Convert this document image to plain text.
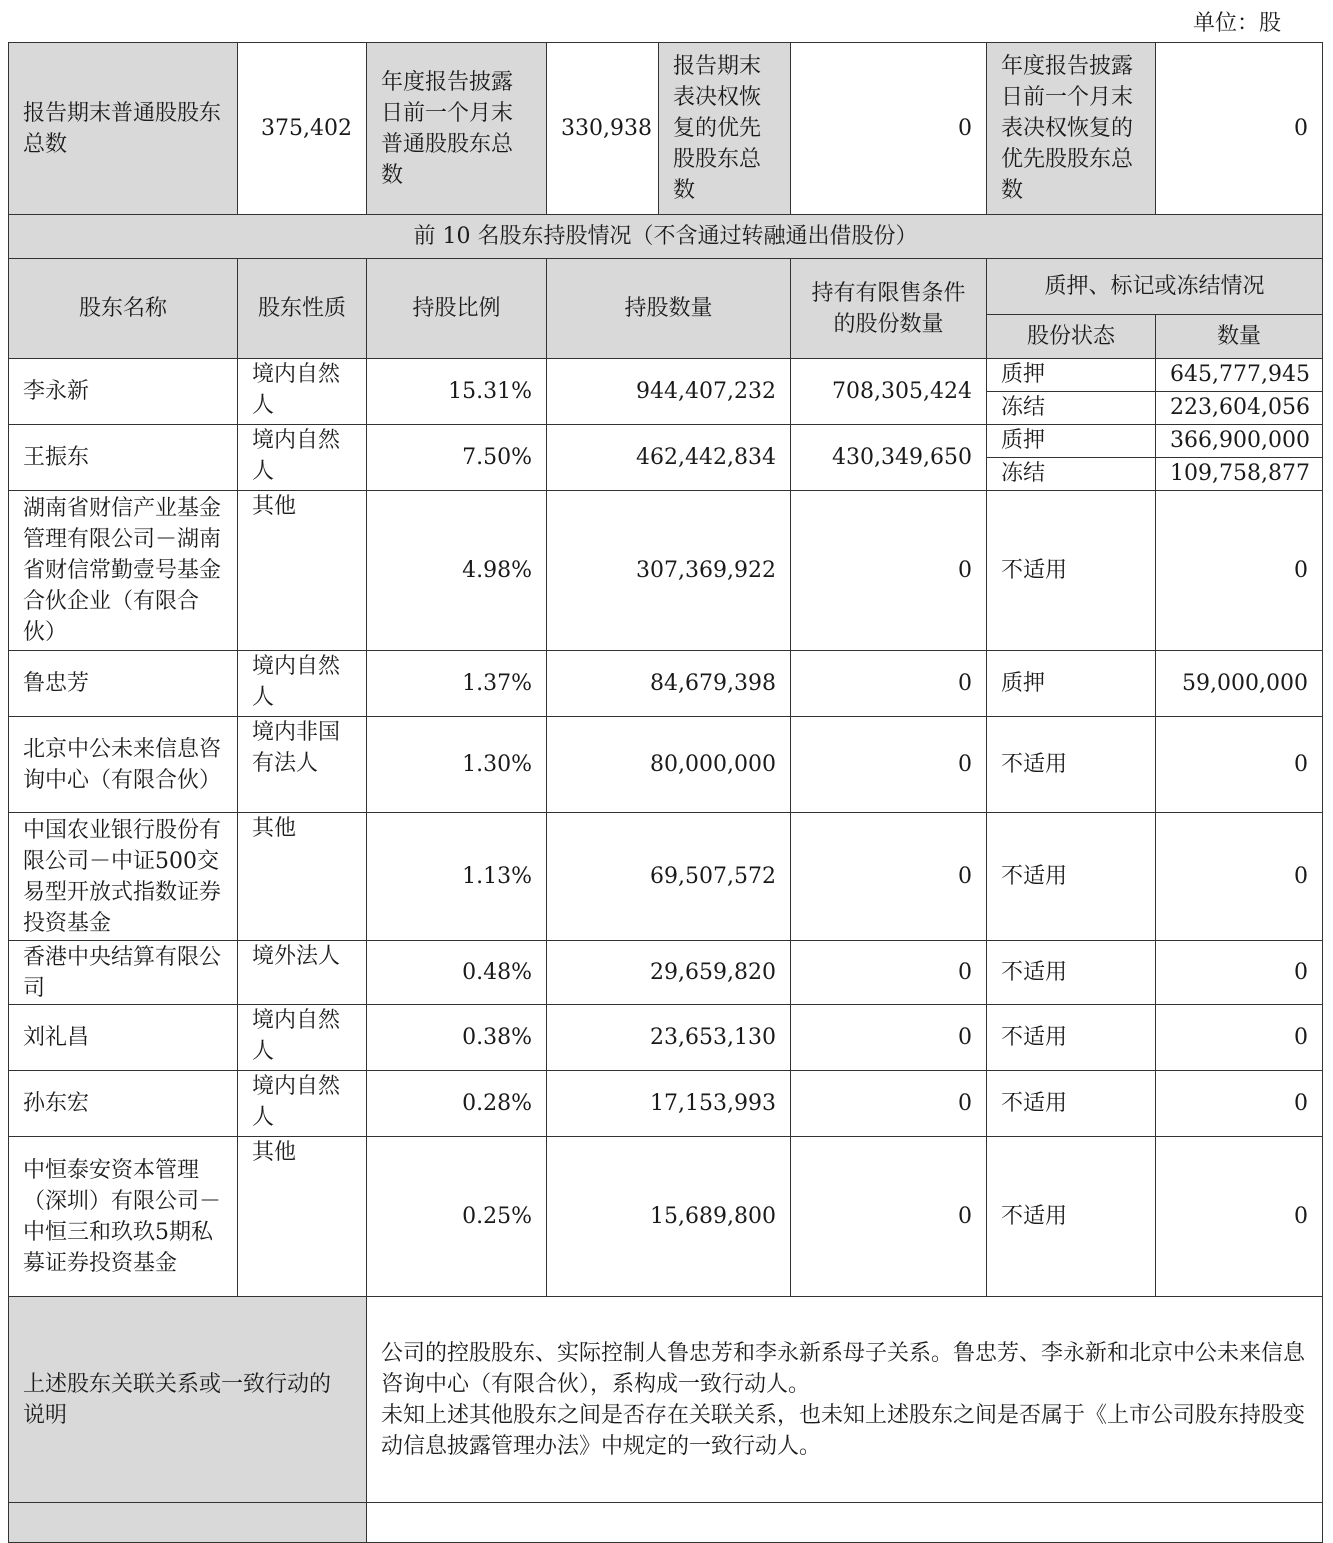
单位：股
报告期末普通股股东总数	375,402	年度报告披露日前一个月末普通股股东总数	330,938	报告期末表决权恢复的优先股股东总数	0	年度报告披露日前一个月末表决权恢复的优先股股东总数	0
前 10 名股东持股情况（不含通过转融通出借股份）							
股东名称	股东性质	持股比例	持股数量		持有有限售条件的股份数量	质押、标记或冻结情况	
						股份状态	数量
李永新	境内自然人	15.31%	944,407,232		708,305,424	质押	645,777,945
						冻结	223,604,056
王振东	境内自然人	7.50%	462,442,834		430,349,650	质押	366,900,000
						冻结	109,758,877
湖南省财信产业基金管理有限公司－湖南省财信常勤壹号基金合伙企业（有限合伙）	其他	4.98%	307,369,922		0	不适用	0
鲁忠芳	境内自然人	1.37%	84,679,398		0	质押	59,000,000
北京中公未来信息咨询中心（有限合伙）	境内非国有法人	1.30%	80,000,000		0	不适用	0
中国农业银行股份有限公司－中证500交易型开放式指数证券投资基金	其他	1.13%	69,507,572		0	不适用	0
香港中央结算有限公司	境外法人	0.48%	29,659,820		0	不适用	0
刘礼昌	境内自然人	0.38%	23,653,130		0	不适用	0
孙东宏	境内自然人	0.28%	17,153,993		0	不适用	0
中恒泰安资本管理（深圳）有限公司－中恒三和玖玖5期私募证券投资基金	其他	0.25%	15,689,800		0	不适用	0
上述股东关联关系或一致行动的说明		公司的控股股东、实际控制人鲁忠芳和李永新系母子关系。鲁忠芳、李永新和北京中公未来信息咨询中心（有限合伙），系构成一致行动人。
未知上述其他股东之间是否存在关联关系，也未知上述股东之间是否属于《上市公司股东持股变动信息披露管理办法》中规定的一致行动人。					
